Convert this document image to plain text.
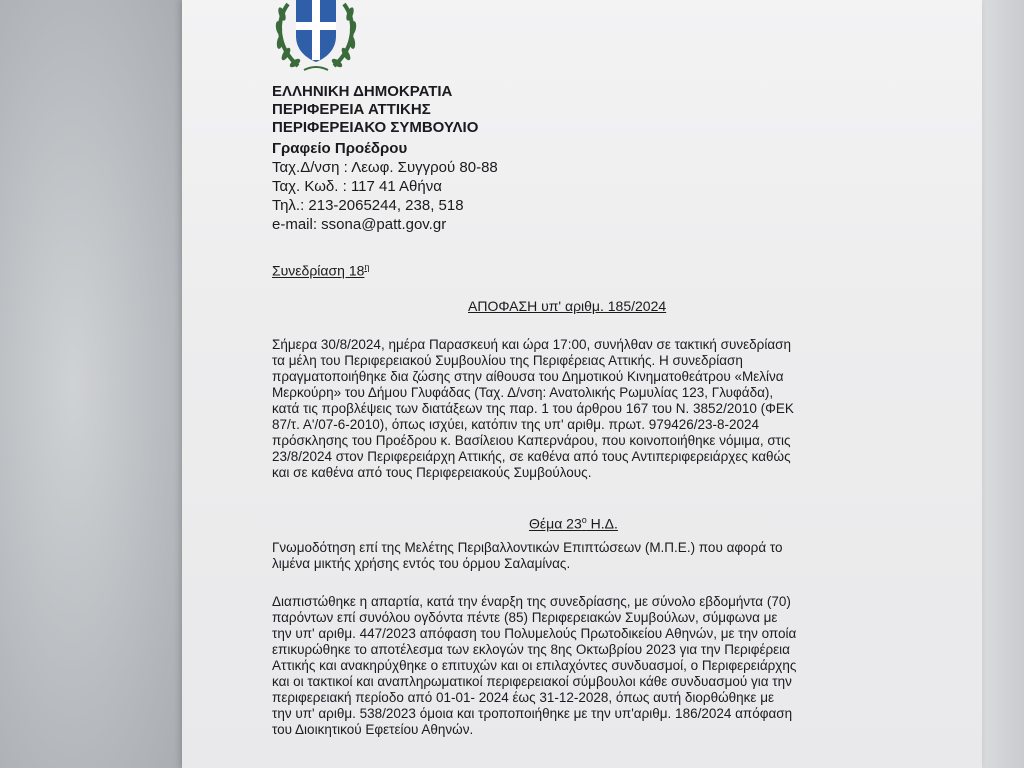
ΕΛΛΗΝΙΚΗ ΔΗΜΟΚΡΑΤΙΑ
ΠΕΡΙΦΕΡΕΙΑ ΑΤΤΙΚΗΣ
ΠΕΡΙΦΕΡΕΙΑΚΟ ΣΥΜΒΟΥΛΙΟ
Γραφείο Προέδρου
Ταχ.Δ/νση : Λεωφ. Συγγρού 80-88
Ταχ. Κωδ. : 117 41 Αθήνα
Τηλ.: 213-2065244, 238, 518
e-mail: ssona@patt.gov.gr
Συνεδρίαση $18^\eta$
ΑΠΟΦΑΣΗ υπ' αριθμ. 185/2024
Σήμερα 30/8/2024, ημέρα Παρασκευή και ώρα 17:00, συνήλθαν σε τακτική συνεδρίαση
τα μέλη του Περιφερειακού Συμβουλίου της Περιφέρειας Αττικής. Η συνεδρίαση
πραγματοποιήθηκε δια ζώσης στην αίθουσα του Δημοτικού Κινηματοθεάτρου «Μελίνα
Μερκούρη» του Δήμου Γλυφάδας (Ταχ. Δ/νση: Ανατολικής Ρωμυλίας 123, Γλυφάδα),
κατά τις προβλέψεις των διατάξεων της παρ. 1 του άρθρου 167 του Ν. 3852/2010 (ΦΕΚ
87/τ. Α'/07-6-2010), όπως ισχύει, κατόπιν της υπ' αριθμ. πρωτ. 979426/23-8-2024
πρόσκλησης του Προέδρου κ. Βασίλειου Καπερνάρου, που κοινοποιήθηκε νόμιμα, στις
23/8/2024 στον Περιφερειάρχη Αττικής, σε καθένα από τους Αντιπεριφερειάρχες καθώς
και σε καθένα από τους Περιφερειακούς Συμβούλους.
Θέμα $23^o$ Η.Δ.
Γνωμοδότηση επί της Μελέτης Περιβαλλοντικών Επιπτώσεων (Μ.Π.Ε.) που αφορά το
λιμένα μικτής χρήσης εντός του όρμου Σαλαμίνας.
Διαπιστώθηκε η απαρτία, κατά την έναρξη της συνεδρίασης, με σύνολο εβδομήντα (70)
παρόντων επί συνόλου ογδόντα πέντε (85) Περιφερειακών Συμβούλων, σύμφωνα με
την υπ' αριθμ. 447/2023 απόφαση του Πολυμελούς Πρωτοδικείου Αθηνών, με την οποία
επικυρώθηκε το αποτέλεσμα των εκλογών της 8ης Οκτωβρίου 2023 για την Περιφέρεια
Αττικής και ανακηρύχθηκε ο επιτυχών και οι επιλαχόντες συνδυασμοί, ο Περιφερειάρχης
και οι τακτικοί και αναπληρωματικοί περιφερειακοί σύμβουλοι κάθε συνδυασμού για την
περιφερειακή περίοδο από 01-01- 2024 έως 31-12-2028, όπως αυτή διορθώθηκε με
την υπ' αριθμ. 538/2023 όμοια και τροποποιήθηκε με την υπ'αριθμ. 186/2024 απόφαση
του Διοικητικού Εφετείου Αθηνών.
